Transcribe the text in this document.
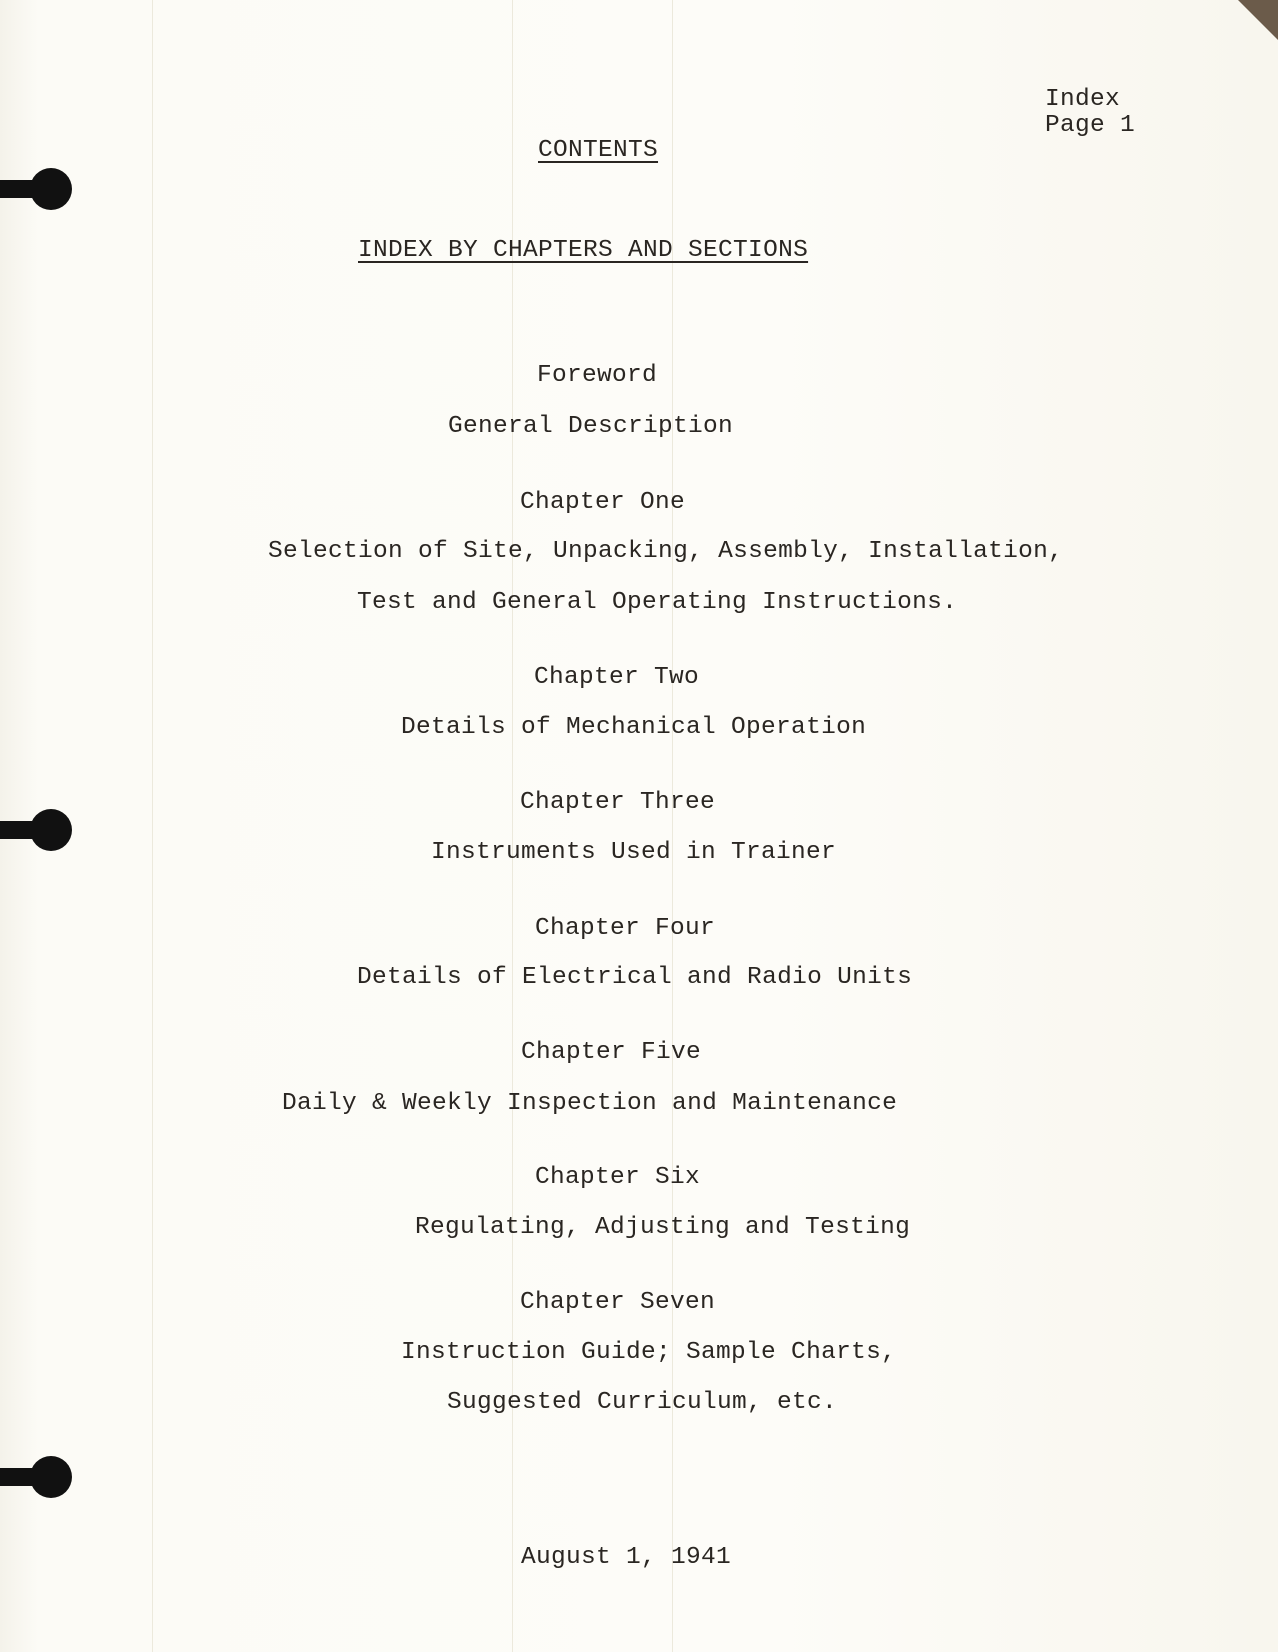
Index
Page 1
CONTENTS
INDEX BY CHAPTERS AND SECTIONS
Foreword
General Description
Chapter One
Selection of Site, Unpacking, Assembly, Installation,
Test and General Operating Instructions.
Chapter Two
Details of Mechanical Operation
Chapter Three
Instruments Used in Trainer
Chapter Four
Details of Electrical and Radio Units
Chapter Five
Daily & Weekly Inspection and Maintenance
Chapter Six
Regulating, Adjusting and Testing
Chapter Seven
Instruction Guide; Sample Charts,
Suggested Curriculum, etc.
August 1, 1941
